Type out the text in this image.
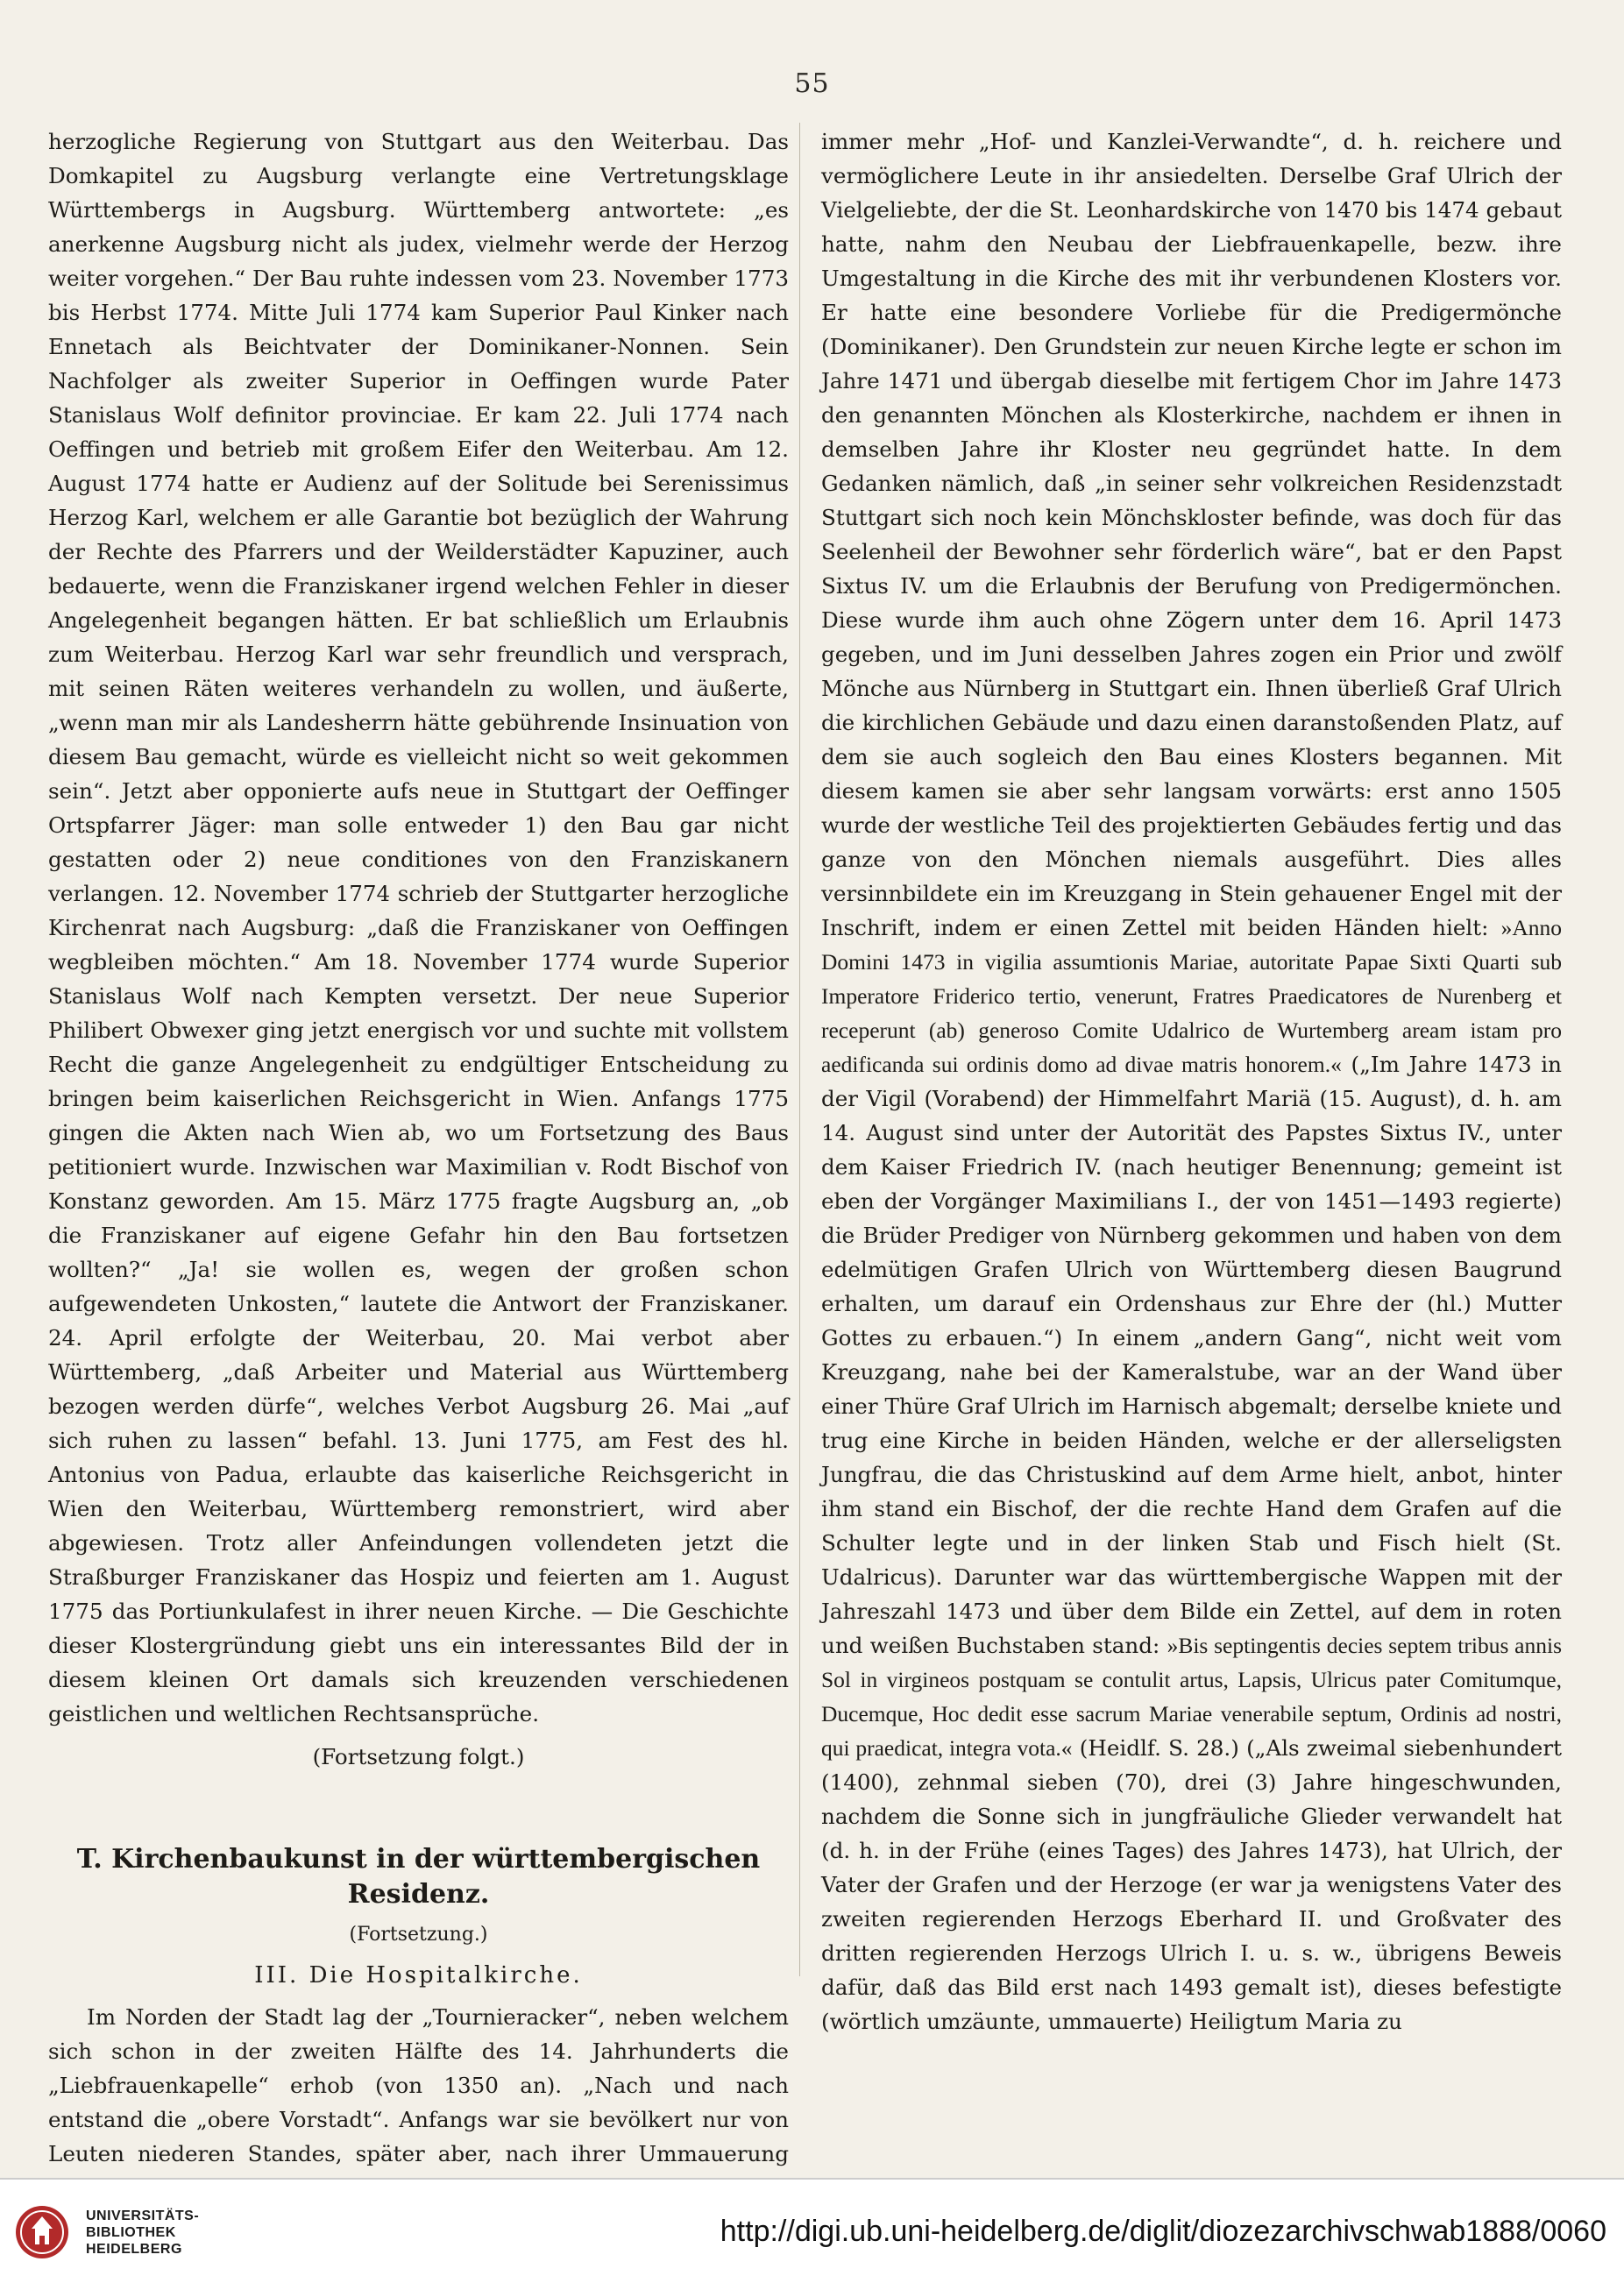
55

herzogliche Regierung von Stuttgart aus den Weiterbau. Das Domkapitel zu Augsburg verlangte eine Vertretungsklage Württembergs in Augsburg. Württemberg antwortete: „es anerkenne Augsburg nicht als judex, vielmehr werde der Herzog weiter vorgehen.“ Der Bau ruhte indessen vom 23. November 1773 bis Herbst 1774. Mitte Juli 1774 kam Superior Paul Kinker nach Ennetach als Beichtvater der Dominikaner-Nonnen. Sein Nachfolger als zweiter Superior in Oeffingen wurde Pater Stanislaus Wolf definitor provinciae. Er kam 22. Juli 1774 nach Oeffingen und betrieb mit großem Eifer den Weiterbau. Am 12. August 1774 hatte er Audienz auf der Solitude bei Serenissimus Herzog Karl, welchem er alle Garantie bot bezüglich der Wahrung der Rechte des Pfarrers und der Weilderstädter Kapuziner, auch bedauerte, wenn die Franziskaner irgend welchen Fehler in dieser Angelegenheit begangen hätten. Er bat schließlich um Erlaubnis zum Weiterbau. Herzog Karl war sehr freundlich und versprach, mit seinen Räten weiteres verhandeln zu wollen, und äußerte, „wenn man mir als Landesherrn hätte gebührende Insinuation von diesem Bau gemacht, würde es vielleicht nicht so weit gekommen sein“. Jetzt aber opponierte aufs neue in Stuttgart der Oeffinger Ortspfarrer Jäger: man solle entweder 1) den Bau gar nicht gestatten oder 2) neue conditiones von den Franziskanern verlangen. 12. November 1774 schrieb der Stuttgarter herzogliche Kirchenrat nach Augsburg: „daß die Franziskaner von Oeffingen wegbleiben möchten.“ Am 18. November 1774 wurde Superior Stanislaus Wolf nach Kempten versetzt. Der neue Superior Philibert Obwexer ging jetzt energisch vor und suchte mit vollstem Recht die ganze Angelegenheit zu endgültiger Entscheidung zu bringen beim kaiserlichen Reichsgericht in Wien. Anfangs 1775 gingen die Akten nach Wien ab, wo um Fortsetzung des Baus petitioniert wurde. Inzwischen war Maximilian v. Rodt Bischof von Konstanz geworden. Am 15. März 1775 fragte Augsburg an, „ob die Franziskaner auf eigene Gefahr hin den Bau fortsetzen wollten?“ „Ja! sie wollen es, wegen der großen schon aufgewendeten Unkosten,“ lautete die Antwort der Franziskaner. 24. April erfolgte der Weiterbau, 20. Mai verbot aber Württemberg, „daß Arbeiter und Material aus Württemberg bezogen werden dürfe“, welches Verbot Augsburg 26. Mai „auf sich ruhen zu lassen“ befahl. 13. Juni 1775, am Fest des hl. Antonius von Padua, erlaubte das kaiserliche Reichsgericht in Wien den Weiterbau, Württemberg remonstriert, wird aber abgewiesen. Trotz aller Anfeindungen vollendeten jetzt die Straßburger Franziskaner das Hospiz und feierten am 1. August 1775 das Portiunkulafest in ihrer neuen Kirche. — Die Geschichte dieser Klostergründung giebt uns ein interessantes Bild der in diesem kleinen Ort damals sich kreuzenden verschiedenen geistlichen und weltlichen Rechtsansprüche.

(Fortsetzung folgt.)

T. Kirchenbaukunst in der württembergischen Residenz.
(Fortsetzung.)
III. Die Hospitalkirche.

Im Norden der Stadt lag der „Tournieracker“, neben welchem sich schon in der zweiten Hälfte des 14. Jahrhunderts die „Liebfrauenkapelle“ erhob (von 1350 an). „Nach und nach entstand die „obere Vorstadt“. Anfangs war sie bevölkert nur von Leuten niederen Standes, später aber, nach ihrer Ummauerung

immer mehr „Hof- und Kanzlei-Verwandte“, d. h. reichere und vermöglichere Leute in ihr ansiedelten. Derselbe Graf Ulrich der Vielgeliebte, der die St. Leonhardskirche von 1470 bis 1474 gebaut hatte, nahm den Neubau der Liebfrauenkapelle, bezw. ihre Umgestaltung in die Kirche des mit ihr verbundenen Klosters vor. Er hatte eine besondere Vorliebe für die Predigermönche (Dominikaner). Den Grundstein zur neuen Kirche legte er schon im Jahre 1471 und übergab dieselbe mit fertigem Chor im Jahre 1473 den genannten Mönchen als Klosterkirche, nachdem er ihnen in demselben Jahre ihr Kloster neu gegründet hatte. In dem Gedanken nämlich, daß „in seiner sehr volkreichen Residenzstadt Stuttgart sich noch kein Mönchskloster befinde, was doch für das Seelenheil der Bewohner sehr förderlich wäre“, bat er den Papst Sixtus IV. um die Erlaubnis der Berufung von Predigermönchen. Diese wurde ihm auch ohne Zögern unter dem 16. April 1473 gegeben, und im Juni desselben Jahres zogen ein Prior und zwölf Mönche aus Nürnberg in Stuttgart ein. Ihnen überließ Graf Ulrich die kirchlichen Gebäude und dazu einen daranstoßenden Platz, auf dem sie auch sogleich den Bau eines Klosters begannen. Mit diesem kamen sie aber sehr langsam vorwärts: erst anno 1505 wurde der westliche Teil des projektierten Gebäudes fertig und das ganze von den Mönchen niemals ausgeführt. Dies alles versinnbildete ein im Kreuzgang in Stein gehauener Engel mit der Inschrift, indem er einen Zettel mit beiden Händen hielt: »Anno Domini 1473 in vigilia assumtionis Mariae, autoritate Papae Sixti Quarti sub Imperatore Friderico tertio, venerunt, Fratres Praedicatores de Nurenberg et receperunt (ab) generoso Comite Udalrico de Wurtemberg aream istam pro aedificanda sui ordinis domo ad divae matris honorem.« („Im Jahre 1473 in der Vigil (Vorabend) der Himmelfahrt Mariä (15. August), d. h. am 14. August sind unter der Autorität des Papstes Sixtus IV., unter dem Kaiser Friedrich IV. (nach heutiger Benennung; gemeint ist eben der Vorgänger Maximilians I., der von 1451—1493 regierte) die Brüder Prediger von Nürnberg gekommen und haben von dem edelmütigen Grafen Ulrich von Württemberg diesen Baugrund erhalten, um darauf ein Ordenshaus zur Ehre der (hl.) Mutter Gottes zu erbauen.“) In einem „andern Gang“, nicht weit vom Kreuzgang, nahe bei der Kameralstube, war an der Wand über einer Thüre Graf Ulrich im Harnisch abgemalt; derselbe kniete und trug eine Kirche in beiden Händen, welche er der allerseligsten Jungfrau, die das Christuskind auf dem Arme hielt, anbot, hinter ihm stand ein Bischof, der die rechte Hand dem Grafen auf die Schulter legte und in der linken Stab und Fisch hielt (St. Udalricus). Darunter war das württembergische Wappen mit der Jahreszahl 1473 und über dem Bilde ein Zettel, auf dem in roten und weißen Buchstaben stand: »Bis septingentis decies septem tribus annis Sol in virgineos postquam se contulit artus, Lapsis, Ulricus pater Comitumque, Ducemque, Hoc dedit esse sacrum Mariae venerabile septum, Ordinis ad nostri, qui praedicat, integra vota.« (Heidlf. S. 28.) („Als zweimal siebenhundert (1400), zehnmal sieben (70), drei (3) Jahre hingeschwunden, nachdem die Sonne sich in jungfräuliche Glieder verwandelt hat (d. h. in der Frühe (eines Tages) des Jahres 1473), hat Ulrich, der Vater der Grafen und der Herzoge (er war ja wenigstens Vater des zweiten regierenden Herzogs Eberhard II. und Großvater des dritten regierenden Herzogs Ulrich I. u. s. w., übrigens Beweis dafür, daß das Bild erst nach 1493 gemalt ist), dieses befestigte (wörtlich umzäunte, ummauerte) Heiligtum Maria zu

UNIVERSITÄTS-
BIBLIOTHEK
HEIDELBERG
http://digi.ub.uni-heidelberg.de/diglit/diozezarchivschwab1888/0060
